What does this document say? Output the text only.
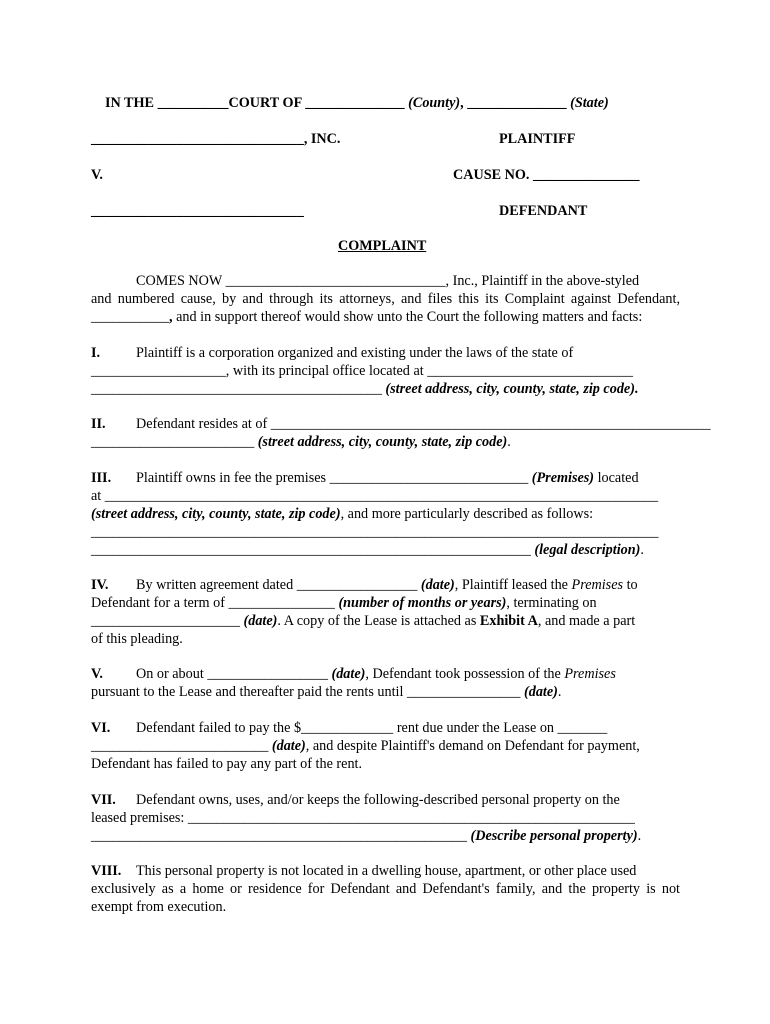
IN THE __________COURT OF ______________ (County), ______________ (State)
______________________________, INC.	PLAINTIFF
V.	CAUSE NO. _______________
______________________________	DEFENDANT
COMPLAINT
COMES NOW _______________________________, Inc., Plaintiff in the above-styled
and numbered cause, by and through its attorneys, and files this its Complaint against Defendant,
___________, and in support thereof would show unto the Court the following matters and facts:
I.	Plaintiff is a corporation organized and existing under the laws of the state of
___________________, with its principal office located at _____________________________
_________________________________________ (street address, city, county, state, zip code).
II. Defendant resides at of ______________________________________________________________
_______________________ (street address, city, county, state, zip code).
III. Plaintiff owns in fee the premises ____________________________ (Premises) located
at ______________________________________________________________________________
(street address, city, county, state, zip code), and more particularly described as follows:
________________________________________________________________________________
______________________________________________________________ (legal description).
IV. By written agreement dated _________________ (date), Plaintiff leased the Premises to
Defendant for a term of _______________ (number of months or years), terminating on
_____________________ (date). A copy of the Lease is attached as Exhibit A, and made a part
of this pleading.
V. On or about _________________ (date), Defendant took possession of the Premises
pursuant to the Lease and thereafter paid the rents until ________________ (date).
VI. Defendant failed to pay the $_____________ rent due under the Lease on _______
_________________________ (date), and despite Plaintiff's demand on Defendant for payment,
Defendant has failed to pay any part of the rent.
VII. Defendant owns, uses, and/or keeps the following-described personal property on the
leased premises: _______________________________________________________________
_____________________________________________________ (Describe personal property).
VIII. This personal property is not located in a dwelling house, apartment, or other place used
exclusively as a home or residence for Defendant and Defendant's family, and the property is not
exempt from execution.
